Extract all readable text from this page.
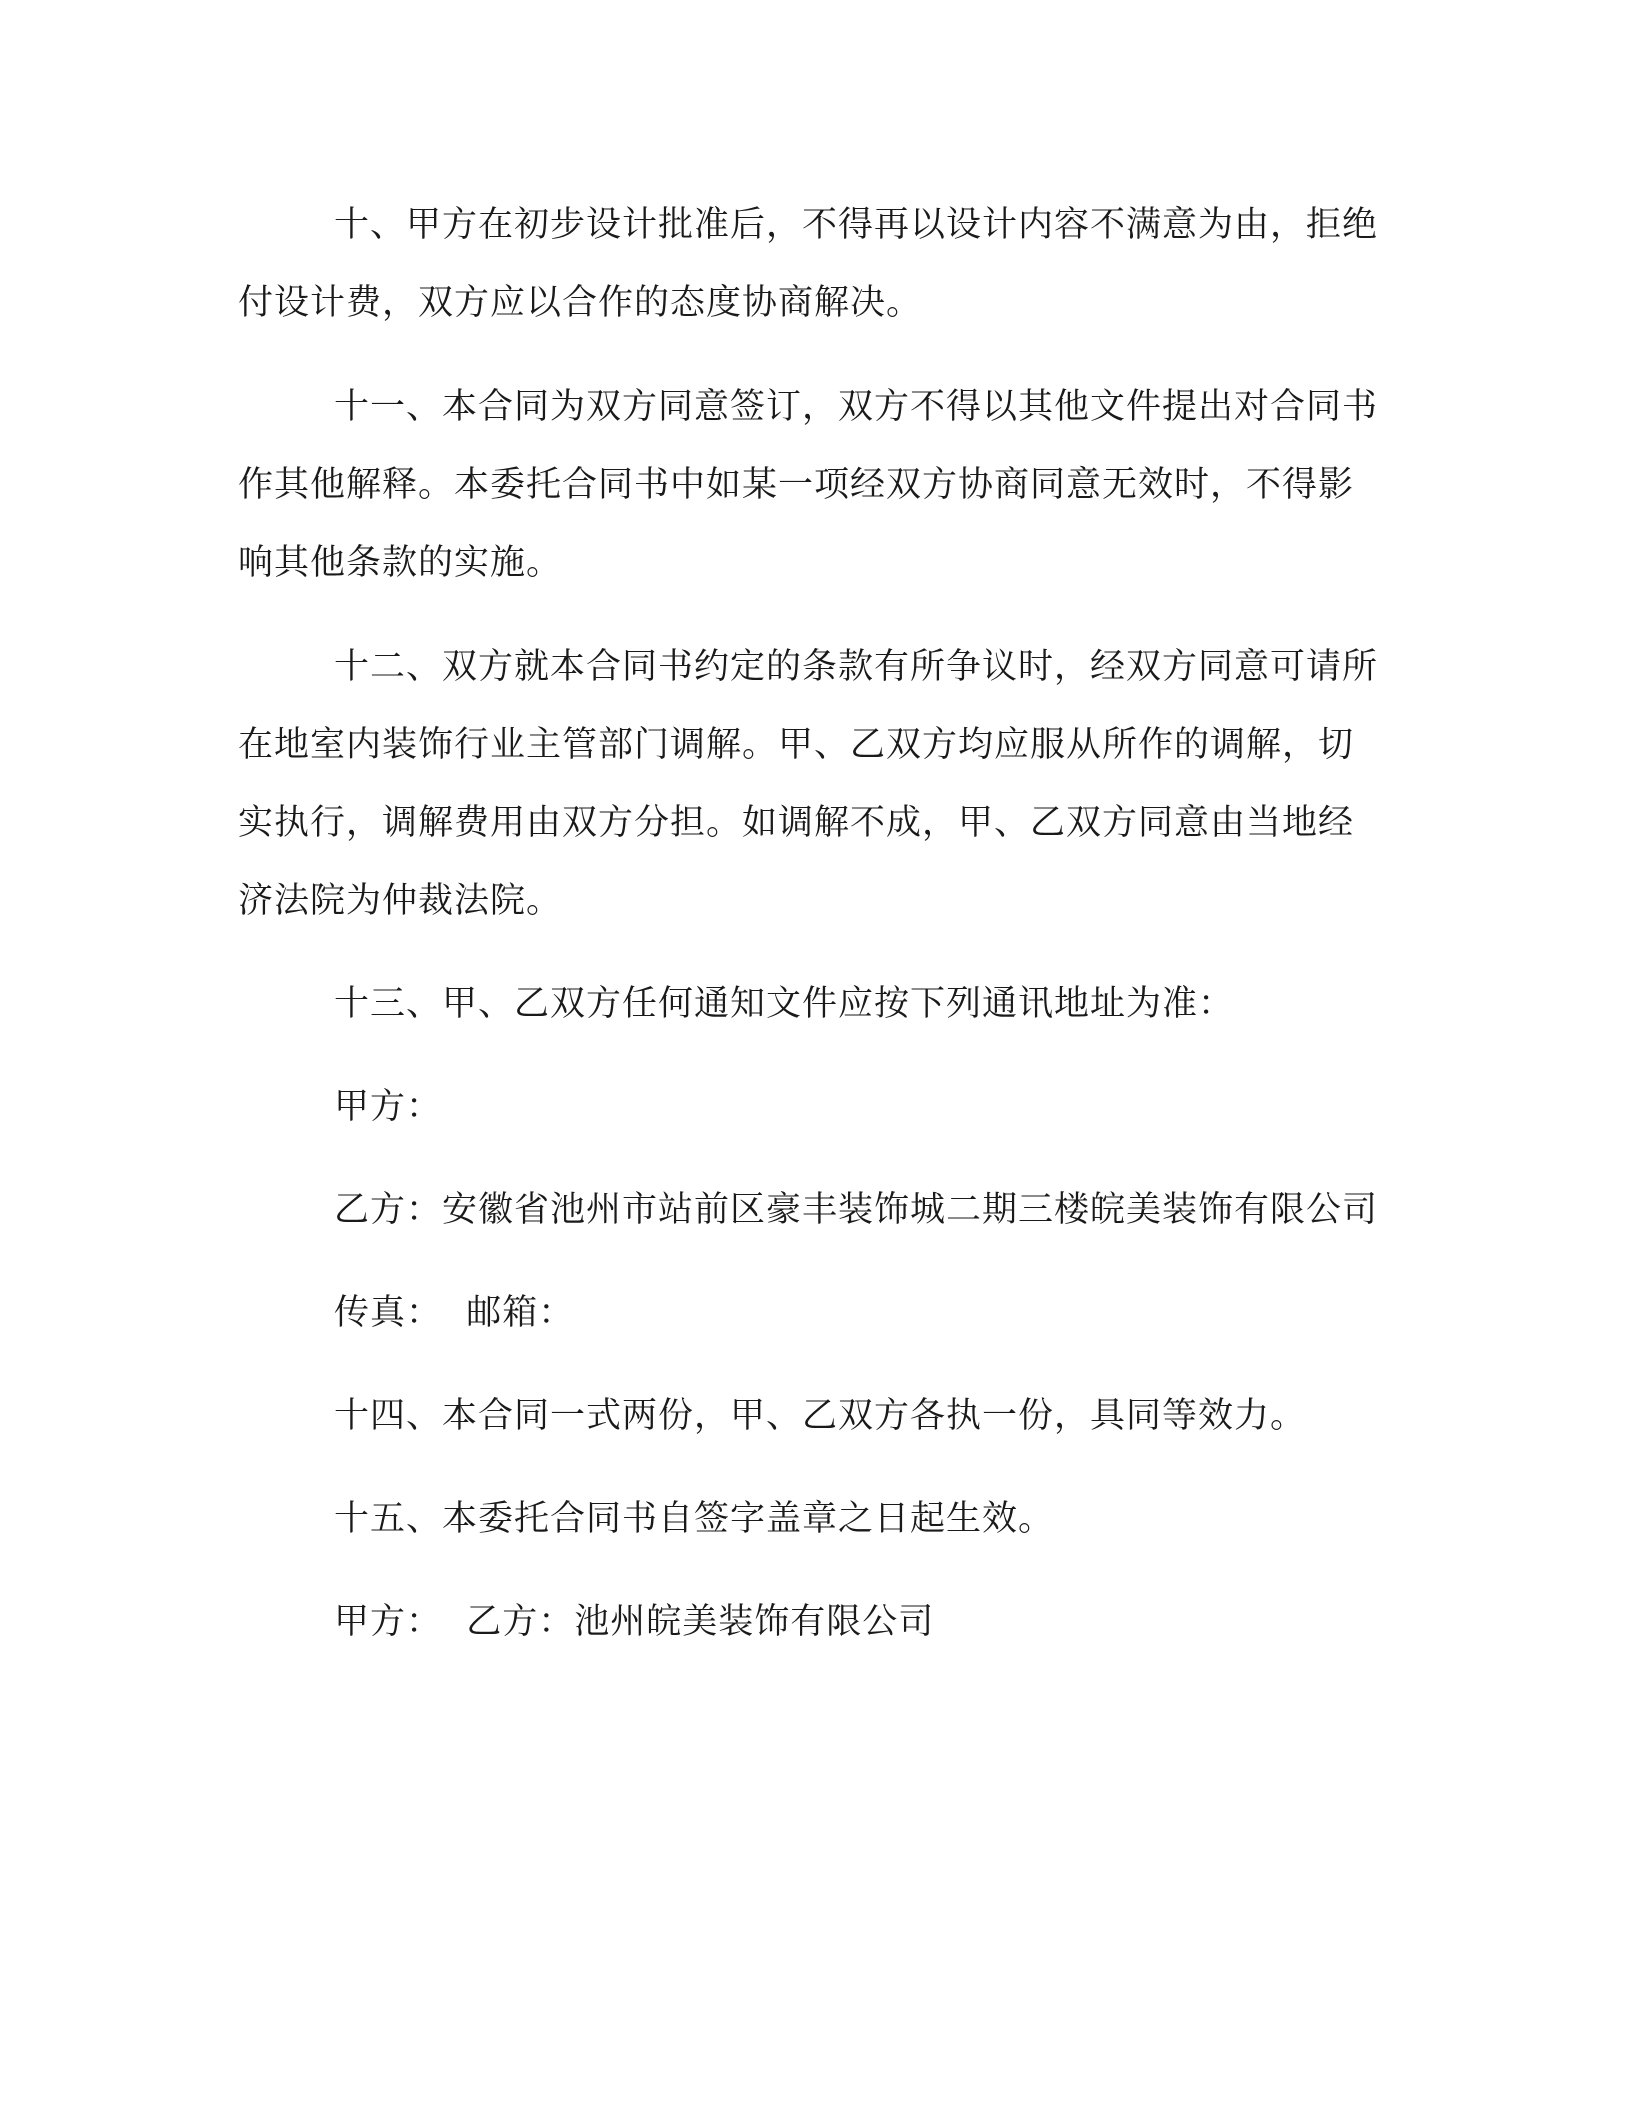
十、甲方在初步设计批准后，不得再以设计内容不满意为由，拒绝付设计费，双方应以合作的态度协商解决。

十一、本合同为双方同意签订，双方不得以其他文件提出对合同书作其他解释。本委托合同书中如某一项经双方协商同意无效时，不得影响其他条款的实施。

十二、双方就本合同书约定的条款有所争议时，经双方同意可请所在地室内装饰行业主管部门调解。甲、乙双方均应服从所作的调解，切实执行，调解费用由双方分担。如调解不成，甲、乙双方同意由当地经济法院为仲裁法院。

十三、甲、乙双方任何通知文件应按下列通讯地址为准：

甲方：

乙方：安徽省池州市站前区豪丰装饰城二期三楼皖美装饰有限公司

传真：  邮箱：

十四、本合同一式两份，甲、乙双方各执一份，具同等效力。

十五、本委托合同书自签字盖章之日起生效。

甲方：  乙方：池州皖美装饰有限公司
